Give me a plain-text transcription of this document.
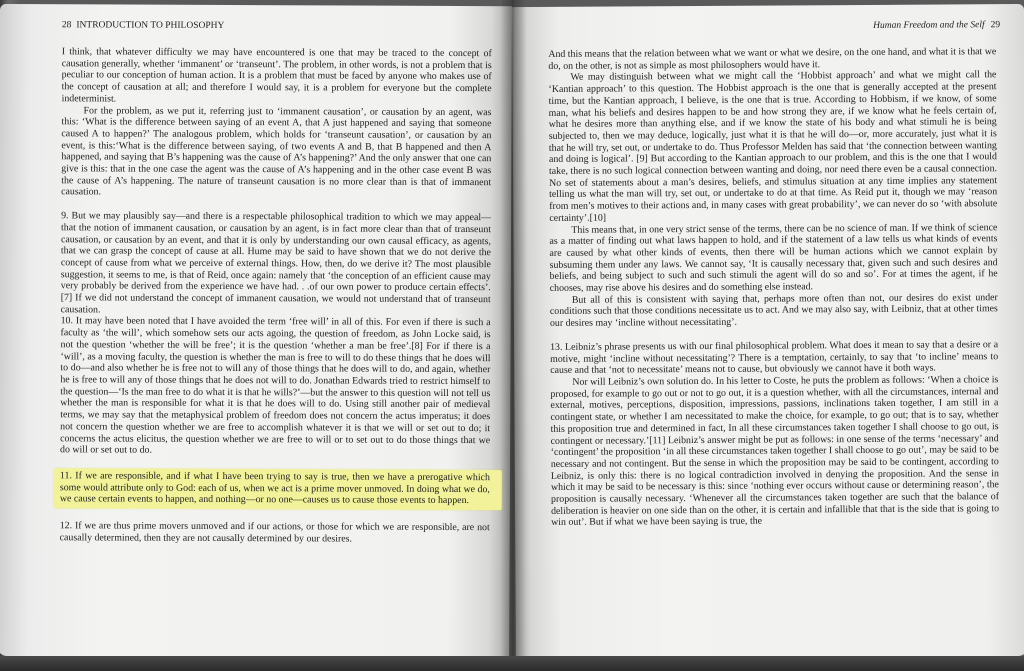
28 INTRODUCTION TO PHILOSOPHY

I think, that whatever difficulty we may have encountered is one that may be traced to the concept of causation generally, whether ‘immanent’ or ‘transeunt’. The problem, in other words, is not a problem that is peculiar to our conception of human action. It is a problem that must be faced by anyone who makes use of the concept of causation at all; and therefore I would say, it is a problem for everyone but the complete indeterminist.

For the problem, as we put it, referring just to ‘immanent causation’, or causation by an agent, was this: ‘What is the difference between saying of an event A, that A just happened and saying that someone caused A to happen?’ The analogous problem, which holds for ‘transeunt causation’, or causation by an event, is this:‘What is the difference between saying, of two events A and B, that B happened and then A happened, and saying that B’s happening was the cause of A’s happening?’ And the only answer that one can give is this: that in the one case the agent was the cause of A’s happening and in the other case event B was the cause of A’s happening. The nature of transeunt causation is no more clear than is that of immanent causation.

9. But we may plausibly say—and there is a respectable philosophical tradition to which we may appeal—that the notion of immanent causation, or causation by an agent, is in fact more clear than that of transeunt causation, or causation by an event, and that it is only by understanding our own causal efficacy, as agents, that we can grasp the concept of cause at all. Hume may be said to have shown that we do not derive the concept of cause from what we perceive of external things. How, then, do we derive it? The most plausible suggestion, it seems to me, is that of Reid, once again: namely that ‘the conception of an efficient cause may very probably be derived from the experience we have had. . .of our own power to produce certain effects’. [7] If we did not understand the concept of immanent causation, we would not understand that of transeunt causation.

10. It may have been noted that I have avoided the term ‘free will’ in all of this. For even if there is such a faculty as ‘the will’, which somehow sets our acts agoing, the question of freedom, as John Locke said, is not the question ‘whether the will be free’; it is the question ‘whether a man be free’.[8] For if there is a ‘will’, as a moving faculty, the question is whether the man is free to will to do these things that he does will to do—and also whether he is free not to will any of those things that he does will to do, and again, whether he is free to will any of those things that he does not will to do. Jonathan Edwards tried to restrict himself to the question—‘Is the man free to do what it is that he wills?’—but the answer to this question will not tell us whether the man is responsible for what it is that he does will to do. Using still another pair of medieval terms, we may say that the metaphysical problem of freedom does not concern the actus imperatus; it does not concern the question whether we are free to accomplish whatever it is that we will or set out to do; it concerns the actus elicitus, the question whether we are free to will or to set out to do those things that we do will or set out to do.

11. If we are responsible, and if what I have been trying to say is true, then we have a prerogative which some would attribute only to God: each of us, when we act is a prime mover unmoved. In doing what we do, we cause certain events to happen, and nothing—or no one—causes us to cause those events to happen.

12. If we are thus prime movers unmoved and if our actions, or those for which we are responsible, are not causally determined, then they are not causally determined by our desires.

Human Freedom and the Self 29

And this means that the relation between what we want or what we desire, on the one hand, and what it is that we do, on the other, is not as simple as most philosophers would have it.

We may distinguish between what we might call the ‘Hobbist approach’ and what we might call the ‘Kantian approach’ to this question. The Hobbist approach is the one that is generally accepted at the present time, but the Kantian approach, I believe, is the one that is true. According to Hobbism, if we know, of some man, what his beliefs and desires happen to be and how strong they are, if we know what he feels certain of, what he desires more than anything else, and if we know the state of his body and what stimuli he is being subjected to, then we may deduce, logically, just what it is that he will do—or, more accurately, just what it is that he will try, set out, or undertake to do. Thus Professor Melden has said that ‘the connection between wanting and doing is logical’. [9] But according to the Kantian approach to our problem, and this is the one that I would take, there is no such logical connection between wanting and doing, nor need there even be a causal connection. No set of statements about a man’s desires, beliefs, and stimulus situation at any time implies any statement telling us what the man will try, set out, or undertake to do at that time. As Reid put it, though we may ‘reason from men’s motives to their actions and, in many cases with great probability’, we can never do so ‘with absolute certainty’.[10]

This means that, in one very strict sense of the terms, there can be no science of man. If we think of science as a matter of finding out what laws happen to hold, and if the statement of a law tells us what kinds of events are caused by what other kinds of events, then there will be human actions which we cannot explain by subsuming them under any laws. We cannot say, ‘It is causally necessary that, given such and such desires and beliefs, and being subject to such and such stimuli the agent will do so and so’. For at times the agent, if he chooses, may rise above his desires and do something else instead.

But all of this is consistent with saying that, perhaps more often than not, our desires do exist under conditions such that those conditions necessitate us to act. And we may also say, with Leibniz, that at other times our desires may ‘incline without necessitating’.

13. Leibniz’s phrase presents us with our final philosophical problem. What does it mean to say that a desire or a motive, might ‘incline without necessitating’? There is a temptation, certainly, to say that ‘to incline’ means to cause and that ‘not to necessitate’ means not to cause, but obviously we cannot have it both ways.

Nor will Leibniz’s own solution do. In his letter to Coste, he puts the problem as follows: ‘When a choice is proposed, for example to go out or not to go out, it is a question whether, with all the circumstances, internal and external, motives, perceptions, disposition, impressions, passions, inclinations taken together, I am still in a contingent state, or whether I am necessitated to make the choice, for example, to go out; that is to say, whether this proposition true and determined in fact, In all these circumstances taken together I shall choose to go out, is contingent or necessary.’[11] Leibniz’s answer might be put as follows: in one sense of the terms ‘necessary’ and ‘contingent’ the proposition ‘in all these circumstances taken together I shall choose to go out’, may be said to be necessary and not contingent. But the sense in which the proposition may be said to be contingent, according to Leibniz, is only this: there is no logical contradiction involved in denying the proposition. And the sense in which it may be said to be necessary is this: since ‘nothing ever occurs without cause or determining reason’, the proposition is causally necessary. ‘Whenever all the circumstances taken together are such that the balance of deliberation is heavier on one side than on the other, it is certain and infallible that that is the side that is going to win out’. But if what we have been saying is true, the
